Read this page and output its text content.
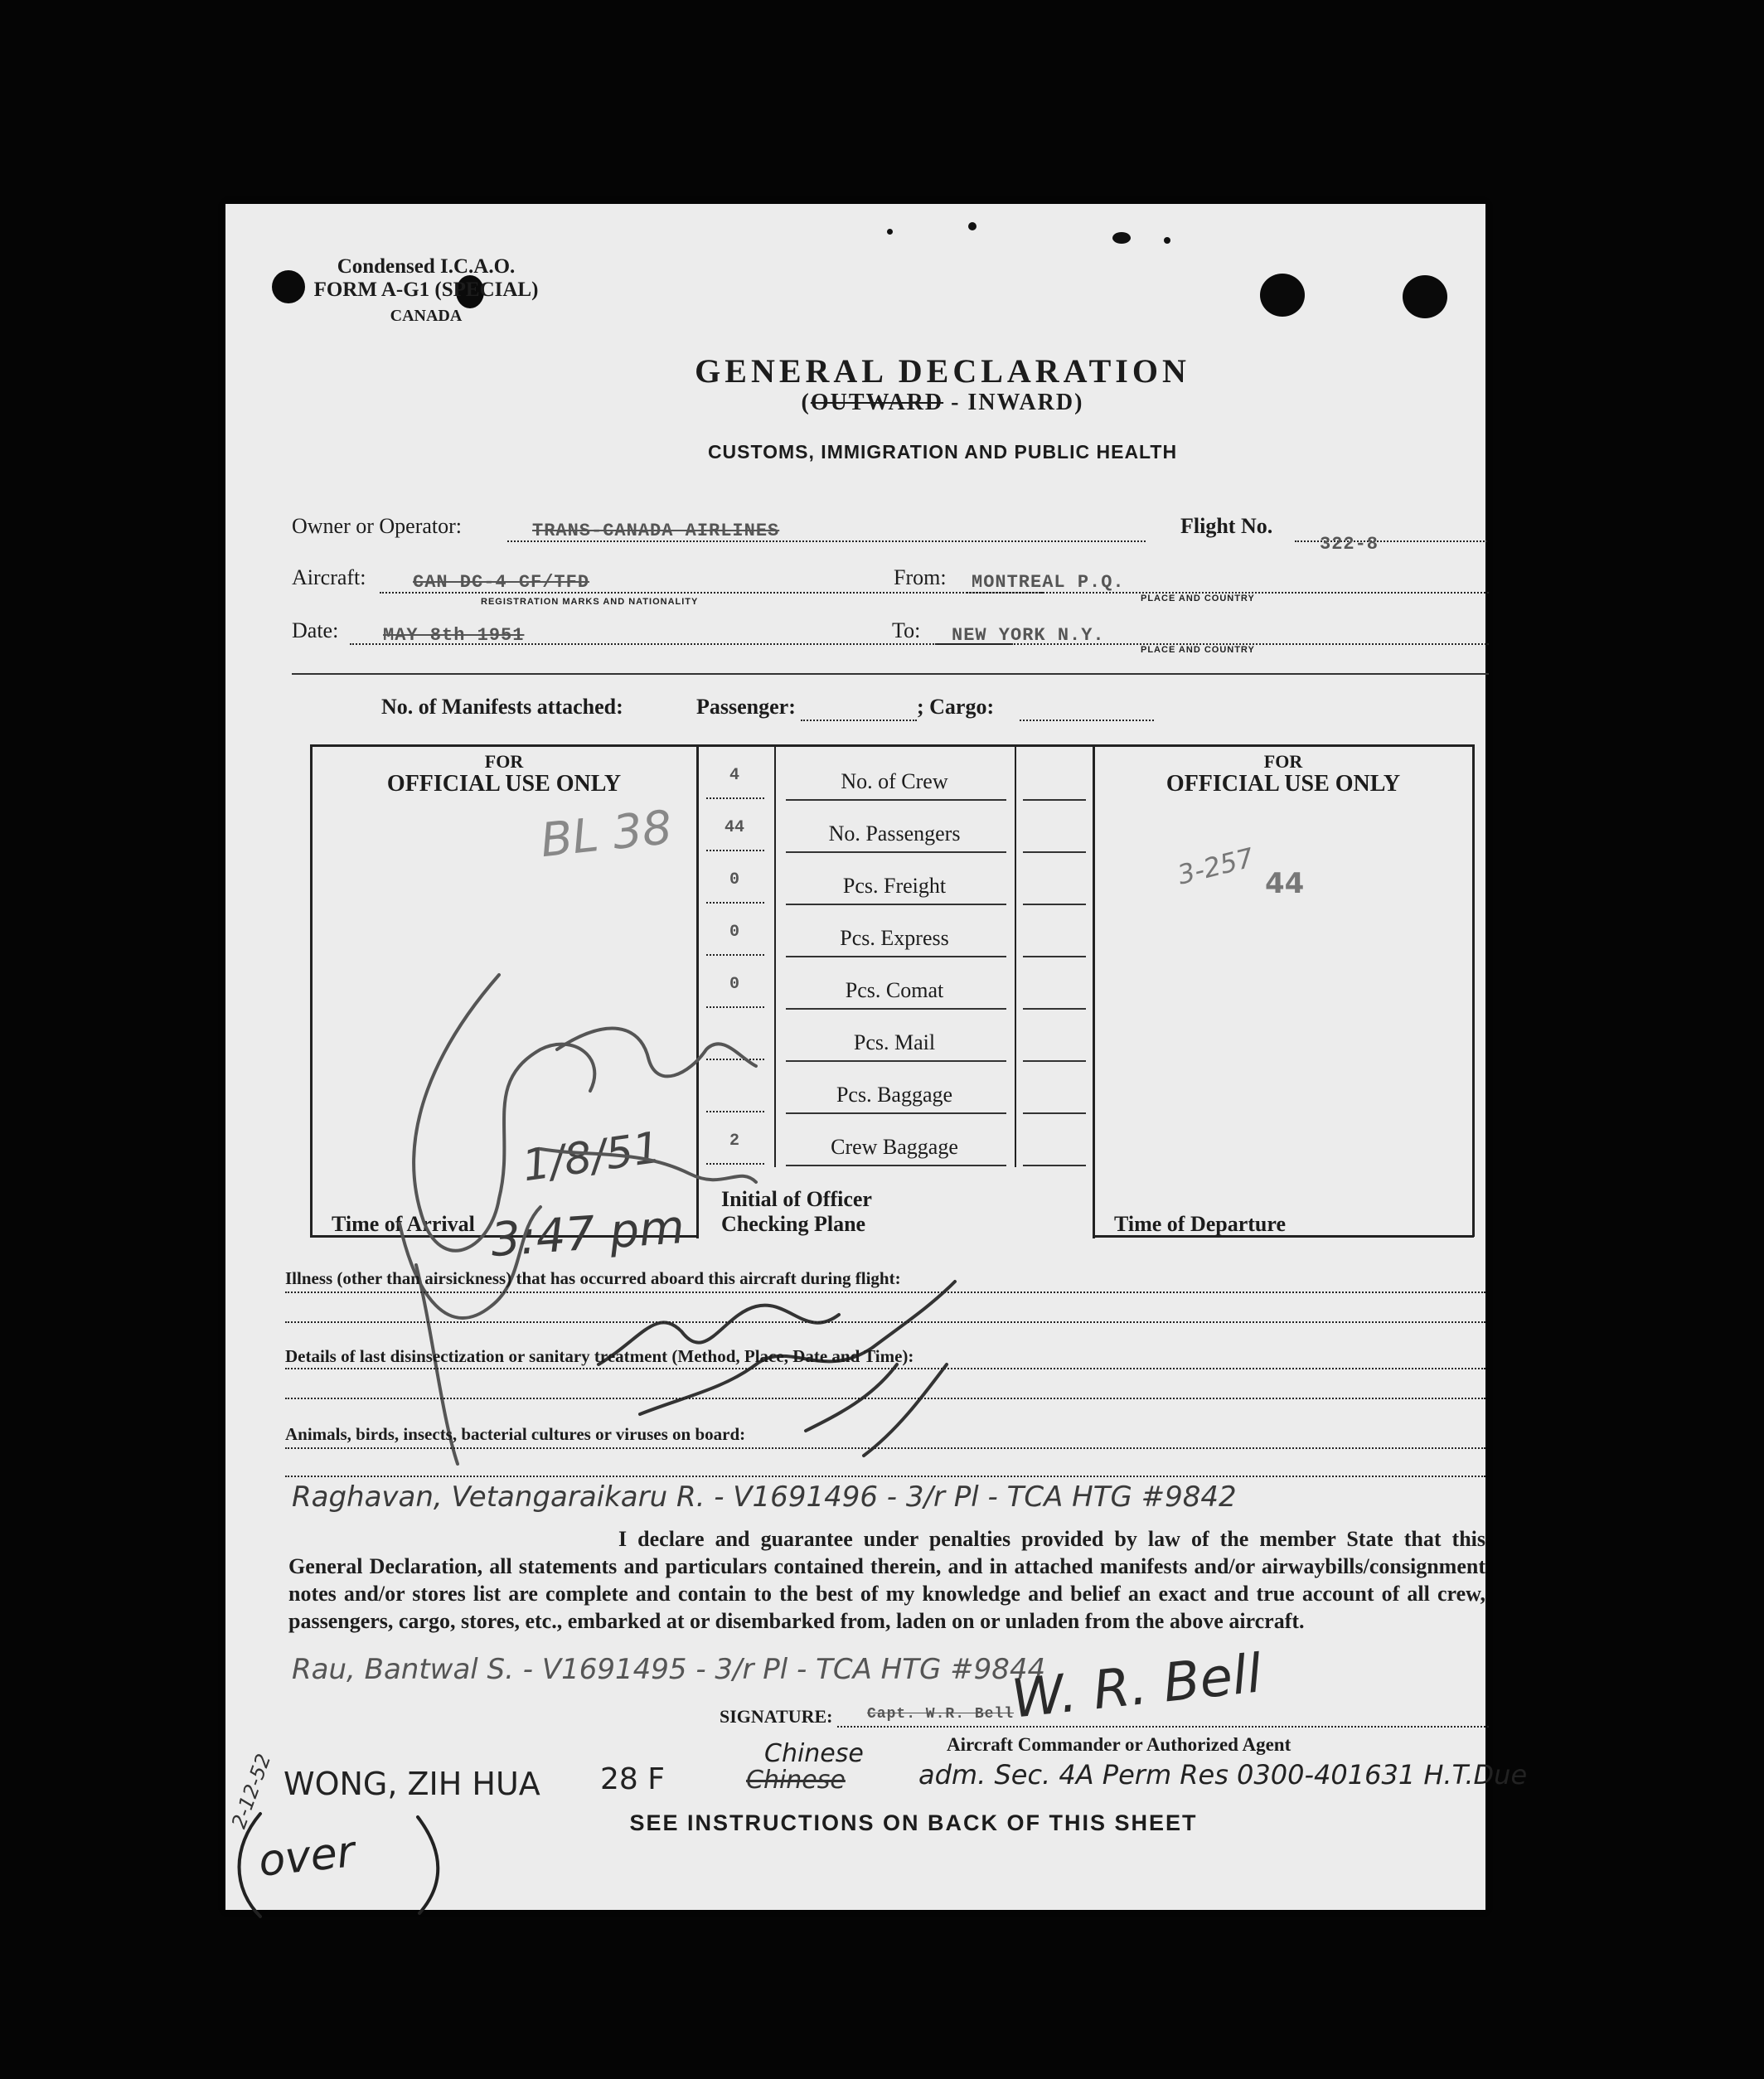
Condensed I.C.A.O.
FORM A-G1 (SPECIAL)
CANADA
GENERAL DECLARATION
(OUTWARD - INWARD)
CUSTOMS, IMMIGRATION AND PUBLIC HEALTH
Owner or Operator:	TRANS-CANADA AIRLINES	Flight No.
322-8
Aircraft:	CAN DC-4 CF/TFD
REGISTRATION MARKS AND NATIONALITY
From: MONTREAL P.Q.
PLACE AND COUNTRY
Date: MAY 8th 1951	To: NEW YORK N.Y.
PLACE AND COUNTRY
No. of Manifests attached:	Passenger:	; Cargo:
FOR
OFFICIAL USE ONLY
FOR
OFFICIAL USE ONLY
4	No. of Crew
44	No. Passengers
0	Pcs. Freight
0	Pcs. Express
0	Pcs. Comat
Pcs. Mail
Pcs. Baggage
2	Crew Baggage
Time of Arrival
Initial of Officer
Checking Plane	Time of Departure
BL 38	3-257 44
1/8/51
3:47 pm
Illness (other than airsickness) that has occurred aboard this aircraft during flight:
Details of last disinsectization or sanitary treatment (Method, Place, Date and Time):
Animals, birds, insects, bacterial cultures or viruses on board:
Raghavan, Vetangaraikaru R. - V1691496 - 3/r Pl - TCA HTG #9842
I declare and guarantee under penalties provided by law of the member State that this General Declaration, all statements and particulars contained therein, and in attached manifests and/or airwaybills/consignment notes and/or stores list are complete and contain to the best of my knowledge and belief an exact and true account of all crew, passengers, cargo, stores, etc., embarked at or disembarked from, laden on or unladen from the above aircraft.
Rau, Bantwal S. - V1691495 - 3/r Pl - TCA HTG #9844
SIGNATURE: Capt. W.R. Bell
W. R. Bell
Aircraft Commander or Authorized Agent
2-12-52 WONG, ZIH HUA 28 F	Chinese
Chinese
adm. Sec. 4A Perm Res 0300-401631 H.T.Due
SEE INSTRUCTIONS ON BACK OF THIS SHEET
over
